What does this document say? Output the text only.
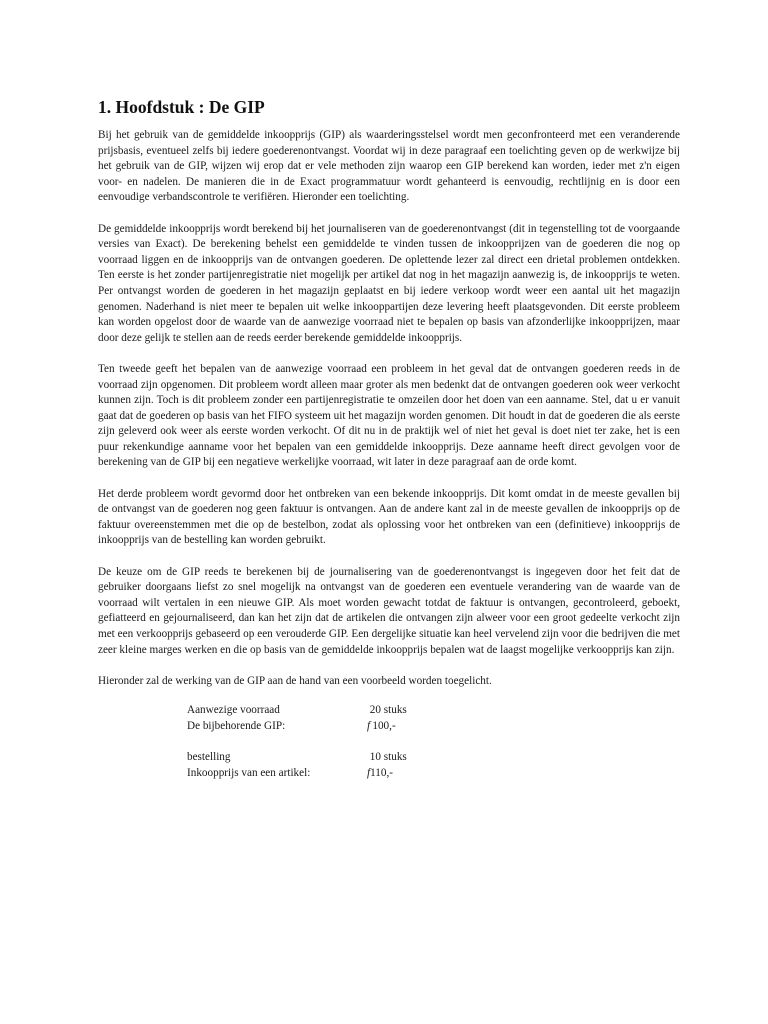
1. Hoofdstuk : De GIP

Bij het gebruik van de gemiddelde inkoopprijs (GIP) als waarderingsstelsel wordt men geconfronteerd met een veranderende prijsbasis, eventueel zelfs bij iedere goederenontvangst. Voordat wij in deze paragraaf een toelichting geven op de werkwijze bij het gebruik van de GIP, wijzen wij erop dat er vele methoden zijn waarop een GIP berekend kan worden, ieder met z'n eigen voor- en nadelen. De manieren die in de Exact programmatuur wordt gehanteerd is eenvoudig, rechtlijnig en is door een eenvoudige verbandscontrole te verifiëren. Hieronder een toelichting.

De gemiddelde inkoopprijs wordt berekend bij het journaliseren van de goederenontvangst (dit in tegenstelling tot de voorgaande versies van Exact). De berekening behelst een gemiddelde te vinden tussen de inkoopprijzen van de goederen die nog op voorraad liggen en de inkoopprijs van de ontvangen goederen. De oplettende lezer zal direct een drietal problemen ontdekken. Ten eerste is het zonder partijenregistratie niet mogelijk per artikel dat nog in het magazijn aanwezig is, de inkoopprijs te weten. Per ontvangst worden de goederen in het magazijn geplaatst en bij iedere verkoop wordt weer een aantal uit het magazijn genomen. Naderhand is niet meer te bepalen uit welke inkooppartijen deze levering heeft plaatsgevonden. Dit eerste probleem kan worden opgelost door de waarde van de aanwezige voorraad niet te bepalen op basis van afzonderlijke inkoopprijzen, maar door deze gelijk te stellen aan de reeds eerder berekende gemiddelde inkoopprijs.

Ten tweede geeft het bepalen van de aanwezige voorraad een probleem in het geval dat de ontvangen goederen reeds in de voorraad zijn opgenomen. Dit probleem wordt alleen maar groter als men bedenkt dat de ontvangen goederen ook weer verkocht kunnen zijn. Toch is dit probleem zonder een partijenregistratie te omzeilen door het doen van een aanname. Stel, dat u er vanuit gaat dat de goederen op basis van het FIFO systeem uit het magazijn worden genomen. Dit houdt in dat de goederen die als eerste zijn geleverd ook weer als eerste worden verkocht. Of dit nu in de praktijk wel of niet het geval is doet niet ter zake, het is een puur rekenkundige aanname voor het bepalen van een gemiddelde inkoopprijs. Deze aanname heeft direct gevolgen voor de berekening van de GIP bij een negatieve werkelijke voorraad, wit later in deze paragraaf aan de orde komt.

Het derde probleem wordt gevormd door het ontbreken van een bekende inkoopprijs. Dit komt omdat in de meeste gevallen bij de ontvangst van de goederen nog geen faktuur is ontvangen. Aan de andere kant zal in de meeste gevallen de inkoopprijs op de faktuur overeenstemmen met die op de bestelbon, zodat als oplossing voor het ontbreken van een (definitieve) inkoopprijs de inkoopprijs van de bestelling kan worden gebruikt.

De keuze om de GIP reeds te berekenen bij de journalisering van de goederenontvangst is ingegeven door het feit dat de gebruiker doorgaans liefst zo snel mogelijk na ontvangst van de goederen een eventuele verandering van de waarde van de voorraad wilt vertalen in een nieuwe GIP. Als moet worden gewacht totdat de faktuur is ontvangen, gecontroleerd, geboekt, gefiatteerd en gejournaliseerd, dan kan het zijn dat de artikelen die ontvangen zijn alweer voor een groot gedeelte verkocht zijn met een verkoopprijs gebaseerd op een verouderde GIP. Een dergelijke situatie kan heel vervelend zijn voor die bedrijven die met zeer kleine marges werken en die op basis van de gemiddelde inkoopprijs bepalen wat de laagst mogelijke verkoopprijs kan zijn.

Hieronder zal de werking van de GIP aan de hand van een voorbeeld worden toegelicht.

Aanwezige voorraad	20 stuks
De bijbehorende GIP:	f  100,-
bestelling	10 stuks
Inkoopprijs van een artikel:	f110,-
